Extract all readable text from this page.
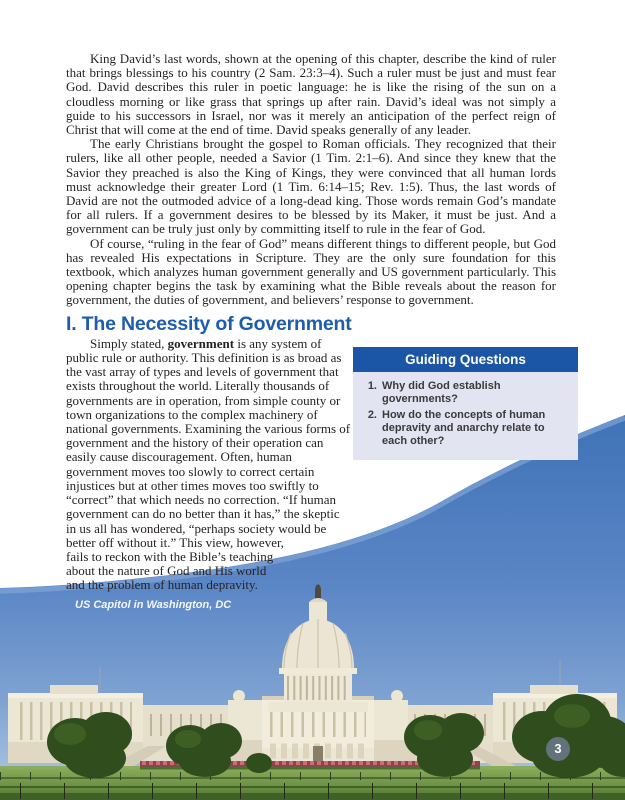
US Capitol in Washington, DC

King David’s last words, shown at the opening of this chapter, describe the kind of ruler that brings blessings to his country (2 Sam. 23:3–4). Such a ruler must be just and must fear God. David describes this ruler in poetic language: he is like the rising of the sun on a cloudless morning or like grass that springs up after rain. David’s ideal was not simply a guide to his successors in Israel, nor was it merely an anticipation of the perfect reign of Christ that will come at the end of time. David speaks generally of any leader.

The early Christians brought the gospel to Roman officials. They recognized that their rulers, like all other people, needed a Savior (1 Tim. 2:1–6). And since they knew that the Savior they preached is also the King of Kings, they were convinced that all human lords must acknowledge their greater Lord (1 Tim. 6:14–15; Rev. 1:5). Thus, the last words of David are not the outmoded advice of a long-dead king. Those words remain God’s mandate for all rulers. If a government desires to be blessed by its Maker, it must be just. And a government can be truly just only by committing itself to rule in the fear of God.

Of course, “ruling in the fear of God” means different things to different people, but God has revealed His expectations in Scripture. They are the only sure foundation for this textbook, which analyzes human government generally and US government particularly. This opening chapter begins the task by examining what the Bible reveals about the reason for government, the duties of government, and believers’ response to government.

I. The Necessity of Government

Simply stated, government is any system of public rule or authority. This definition is as broad as the vast array of types and levels of government that exists throughout the world. Literally thousands of governments are in operation, from simple county or town organizations to the complex machinery of national governments. Examining the various forms of government and the history of their operation can easily cause discouragement. Often, human government moves too slowly to correct certain injustices but at other times moves too swiftly to “correct” that which needs no correction. “If human government can do no better than it has,” the skeptic in us all has wondered, “perhaps society would be better off without it.” This view, however, fails to reckon with the Bible’s teaching about the nature of God and His world and the problem of human depravity.

Guiding Questions
1. Why did God establish governments?
2. How do the concepts of human depravity and anarchy relate to each other?
3
